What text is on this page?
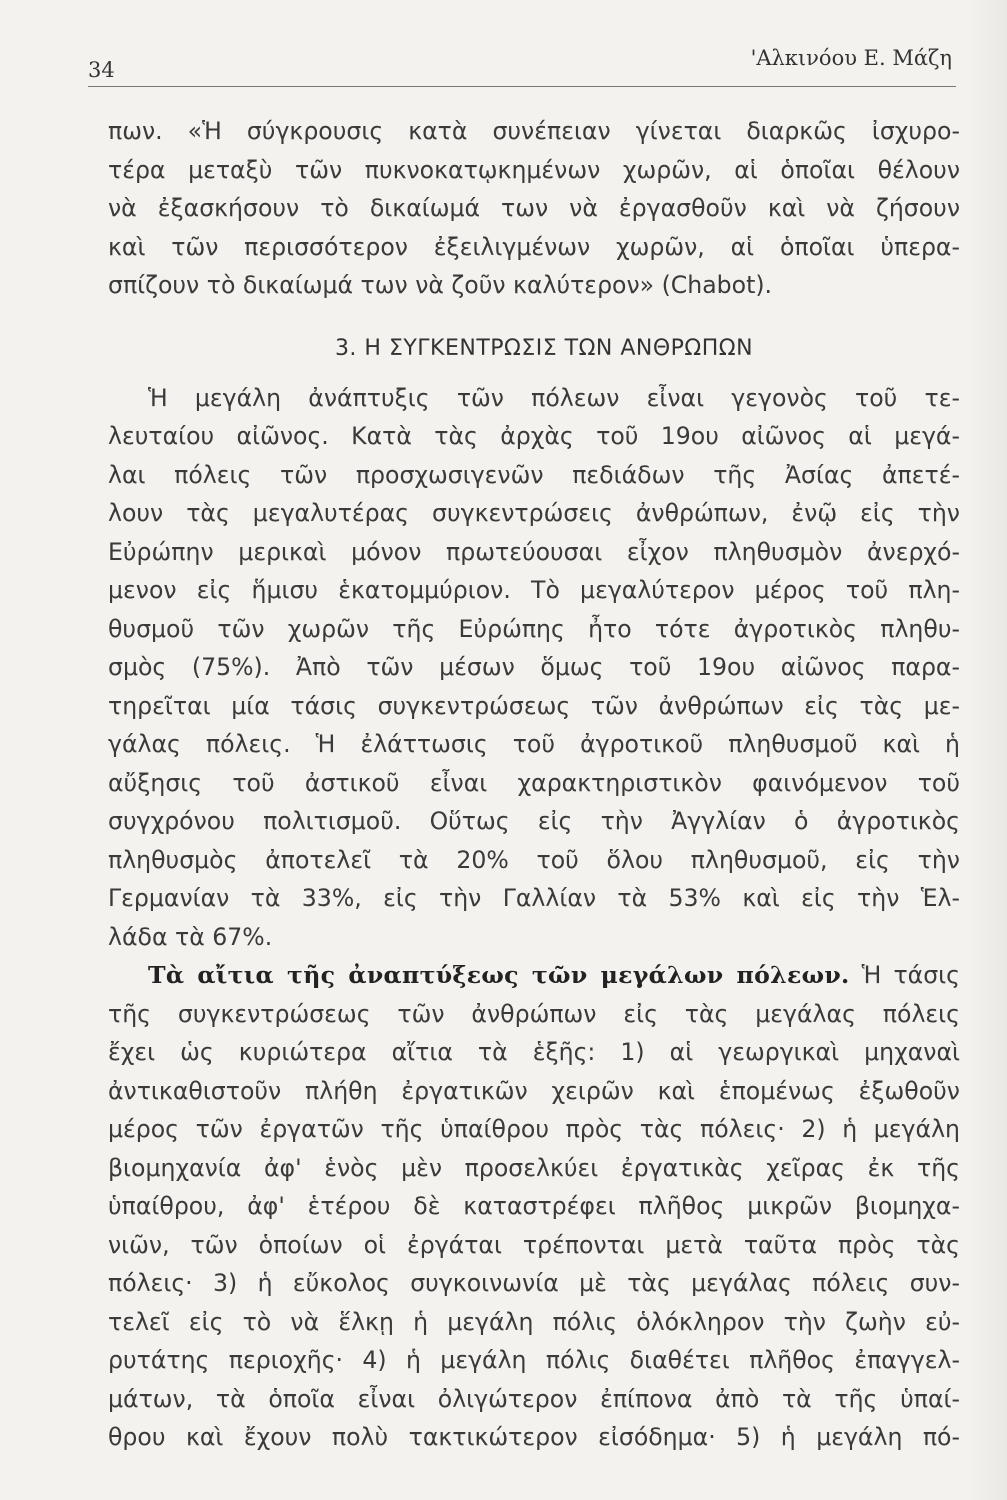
34	'Αλκινόου Ε. Μάζη
πων. «Ἡ σύγκρουσις κατὰ συνέπειαν γίνεται διαρκῶς ἰσχυρο-
τέρα μεταξὺ τῶν πυκνοκατῳκημένων χωρῶν, αἱ ὁποῖαι θέλουν
νὰ ἐξασκήσουν τὸ δικαίωμά των νὰ ἐργασθοῦν καὶ νὰ ζήσουν
καὶ τῶν περισσότερον ἐξειλιγμένων χωρῶν, αἱ ὁποῖαι ὑπερα-
σπίζουν τὸ δικαίωμά των νὰ ζοῦν καλύτερον» (Chabot).
3. Η ΣΥΓΚΕΝΤΡΩΣΙΣ ΤΩΝ ΑΝΘΡΩΠΩΝ
Ἡ μεγάλη ἀνάπτυξις τῶν πόλεων εἶναι γεγονὸς τοῦ τε-
λευταίου αἰῶνος. Κατὰ τὰς ἀρχὰς τοῦ 19ου αἰῶνος αἱ μεγά-
λαι πόλεις τῶν προσχωσιγενῶν πεδιάδων τῆς Ἀσίας ἀπετέ-
λουν τὰς μεγαλυτέρας συγκεντρώσεις ἀνθρώπων, ἐνῷ εἰς τὴν
Εὐρώπην μερικαὶ μόνον πρωτεύουσαι εἶχον πληθυσμὸν ἀνερχό-
μενον εἰς ἥμισυ ἑκατομμύριον. Τὸ μεγαλύτερον μέρος τοῦ πλη-
θυσμοῦ τῶν χωρῶν τῆς Εὐρώπης ἦτο τότε ἀγροτικὸς πληθυ-
σμὸς (75%). Ἀπὸ τῶν μέσων ὅμως τοῦ 19ου αἰῶνος παρα-
τηρεῖται μία τάσις συγκεντρώσεως τῶν ἀνθρώπων εἰς τὰς με-
γάλας πόλεις. Ἡ ἐλάττωσις τοῦ ἀγροτικοῦ πληθυσμοῦ καὶ ἡ
αὔξησις τοῦ ἀστικοῦ εἶναι χαρακτηριστικὸν φαινόμενον τοῦ
συγχρόνου πολιτισμοῦ. Οὕτως εἰς τὴν Ἀγγλίαν ὁ ἀγροτικὸς
πληθυσμὸς ἀποτελεῖ τὰ 20% τοῦ ὅλου πληθυσμοῦ, εἰς τὴν
Γερμανίαν τὰ 33%, εἰς τὴν Γαλλίαν τὰ 53% καὶ εἰς τὴν Ἑλ-
λάδα τὰ 67%.
Τὰ αἴτια τῆς ἀναπτύξεως τῶν μεγάλων πόλεων. Ἡ τάσις
τῆς συγκεντρώσεως τῶν ἀνθρώπων εἰς τὰς μεγάλας πόλεις
ἔχει ὡς κυριώτερα αἴτια τὰ ἑξῆς: 1) αἱ γεωργικαὶ μηχαναὶ
ἀντικαθιστοῦν πλήθη ἐργατικῶν χειρῶν καὶ ἑπομένως ἐξωθοῦν
μέρος τῶν ἐργατῶν τῆς ὑπαίθρου πρὸς τὰς πόλεις· 2) ἡ μεγάλη
βιομηχανία ἀφ' ἑνὸς μὲν προσελκύει ἐργατικὰς χεῖρας ἐκ τῆς
ὑπαίθρου, ἀφ' ἑτέρου δὲ καταστρέφει πλῆθος μικρῶν βιομηχα-
νιῶν, τῶν ὁποίων οἱ ἐργάται τρέπονται μετὰ ταῦτα πρὸς τὰς
πόλεις· 3) ἡ εὔκολος συγκοινωνία μὲ τὰς μεγάλας πόλεις συν-
τελεῖ εἰς τὸ νὰ ἕλκῃ ἡ μεγάλη πόλις ὁλόκληρον τὴν ζωὴν εὐ-
ρυτάτης περιοχῆς· 4) ἡ μεγάλη πόλις διαθέτει πλῆθος ἐπαγγελ-
μάτων, τὰ ὁποῖα εἶναι ὀλιγώτερον ἐπίπονα ἀπὸ τὰ τῆς ὑπαί-
θρου καὶ ἔχουν πολὺ τακτικώτερον εἰσόδημα· 5) ἡ μεγάλη πό-
